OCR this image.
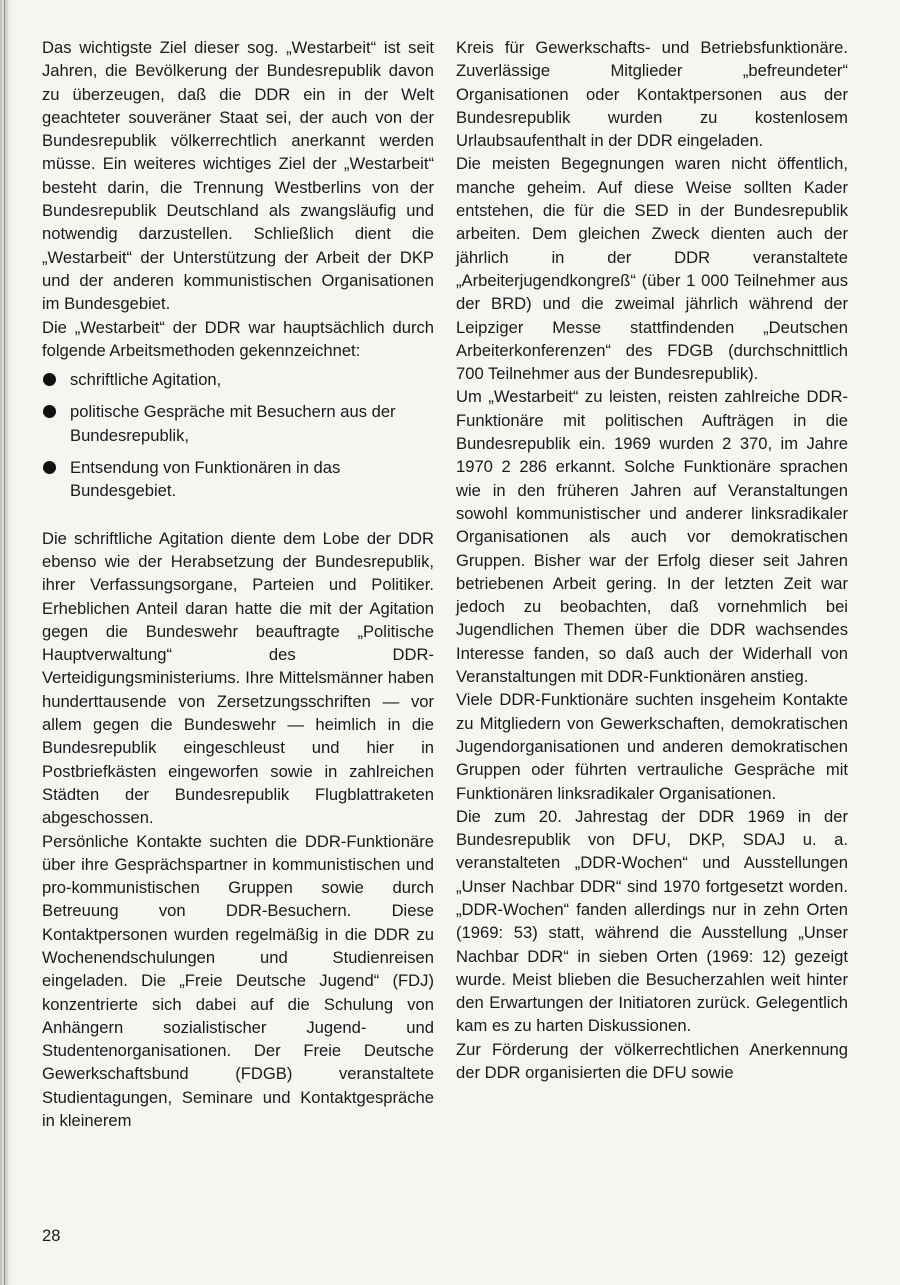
Das wichtigste Ziel dieser sog. „Westarbeit“ ist seit Jahren, die Bevölkerung der Bundesrepublik davon zu überzeugen, daß die DDR ein in der Welt geachteter souveräner Staat sei, der auch von der Bundesrepublik völkerrechtlich anerkannt werden müsse. Ein weiteres wichtiges Ziel der „Westarbeit“ besteht darin, die Trennung Westberlins von der Bundesrepublik Deutschland als zwangsläufig und notwendig darzustellen. Schließlich dient die „Westarbeit“ der Unterstützung der Arbeit der DKP und der anderen kommunistischen Organisationen im Bundesgebiet.

Die „Westarbeit“ der DDR war hauptsächlich durch folgende Arbeitsmethoden gekennzeichnet:

schriftliche Agitation,
politische Gespräche mit Besuchern aus der Bundesrepublik,
Entsendung von Funktionären in das Bundesgebiet.

Die schriftliche Agitation diente dem Lobe der DDR ebenso wie der Herabsetzung der Bundesrepublik, ihrer Verfassungsorgane, Parteien und Politiker. Erheblichen Anteil daran hatte die mit der Agitation gegen die Bundeswehr beauftragte „Politische Hauptverwaltung“ des DDR-Verteidigungsministeriums. Ihre Mittelsmänner haben hunderttausende von Zersetzungsschriften — vor allem gegen die Bundeswehr — heimlich in die Bundesrepublik eingeschleust und hier in Postbriefkästen eingeworfen sowie in zahlreichen Städten der Bundesrepublik Flugblattraketen abgeschossen.

Persönliche Kontakte suchten die DDR-Funktionäre über ihre Gesprächspartner in kommunistischen und pro-kommunistischen Gruppen sowie durch Betreuung von DDR-Besuchern. Diese Kontaktpersonen wurden regelmäßig in die DDR zu Wochenendschulungen und Studienreisen eingeladen. Die „Freie Deutsche Jugend“ (FDJ) konzentrierte sich dabei auf die Schulung von Anhängern sozialistischer Jugend- und Studentenorganisationen. Der Freie Deutsche Gewerkschaftsbund (FDGB) veranstaltete Studientagungen, Seminare und Kontaktgespräche in kleinerem

Kreis für Gewerkschafts- und Betriebsfunktionäre. Zuverlässige Mitglieder „befreundeter“ Organisationen oder Kontaktpersonen aus der Bundesrepublik wurden zu kostenlosem Urlaubsaufenthalt in der DDR eingeladen.

Die meisten Begegnungen waren nicht öffentlich, manche geheim. Auf diese Weise sollten Kader entstehen, die für die SED in der Bundesrepublik arbeiten. Dem gleichen Zweck dienten auch der jährlich in der DDR veranstaltete „Arbeiterjugendkongreß“ (über 1 000 Teilnehmer aus der BRD) und die zweimal jährlich während der Leipziger Messe stattfindenden „Deutschen Arbeiterkonferenzen“ des FDGB (durchschnittlich 700 Teilnehmer aus der Bundesrepublik).

Um „Westarbeit“ zu leisten, reisten zahlreiche DDR-Funktionäre mit politischen Aufträgen in die Bundesrepublik ein. 1969 wurden 2 370, im Jahre 1970 2 286 erkannt. Solche Funktionäre sprachen wie in den früheren Jahren auf Veranstaltungen sowohl kommunistischer und anderer linksradikaler Organisationen als auch vor demokratischen Gruppen. Bisher war der Erfolg dieser seit Jahren betriebenen Arbeit gering. In der letzten Zeit war jedoch zu beobachten, daß vornehmlich bei Jugendlichen Themen über die DDR wachsendes Interesse fanden, so daß auch der Widerhall von Veranstaltungen mit DDR-Funktionären anstieg.

Viele DDR-Funktionäre suchten insgeheim Kontakte zu Mitgliedern von Gewerkschaften, demokratischen Jugendorganisationen und anderen demokratischen Gruppen oder führten vertrauliche Gespräche mit Funktionären linksradikaler Organisationen.

Die zum 20. Jahrestag der DDR 1969 in der Bundesrepublik von DFU, DKP, SDAJ u. a. veranstalteten „DDR-Wochen“ und Ausstellungen „Unser Nachbar DDR“ sind 1970 fortgesetzt worden. „DDR-Wochen“ fanden allerdings nur in zehn Orten (1969: 53) statt, während die Ausstellung „Unser Nachbar DDR“ in sieben Orten (1969: 12) gezeigt wurde. Meist blieben die Besucherzahlen weit hinter den Erwartungen der Initiatoren zurück. Gelegentlich kam es zu harten Diskussionen.

Zur Förderung der völkerrechtlichen Anerkennung der DDR organisierten die DFU sowie

28
